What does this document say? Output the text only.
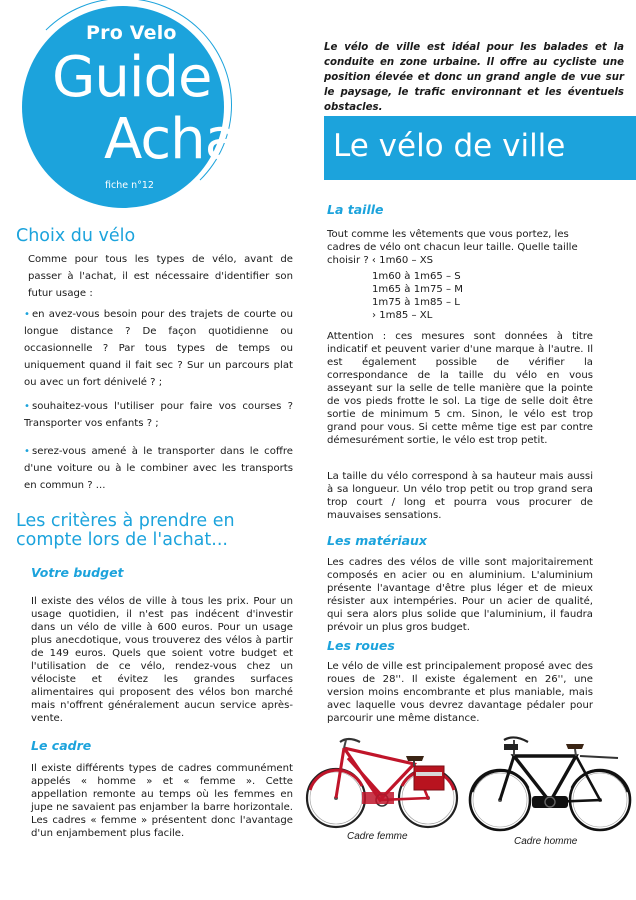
Pro Velo
Guide
Achat
fiche n°12
Le vélo de ville est idéal pour les balades et la conduite en zone urbaine. Il offre au cycliste une position élevée et donc un grand angle de vue sur le paysage, le trafic environnant et les éventuels obstacles.
Le vélo de ville
Choix du vélo
Comme pour tous les types de vélo, avant de passer à l'achat, il est nécessaire d'identifier son futur usage :
• en avez-vous besoin pour des trajets de courte ou longue distance ? De façon quotidienne ou occasionnelle ? Par tous types de temps ou uniquement quand il fait sec ? Sur un parcours plat ou avec un fort dénivelé ? ;
• souhaitez-vous l'utiliser pour faire vos courses ? Transporter vos enfants ? ;
• serez-vous amené à le transporter dans le coffre d'une voiture ou à le combiner avec les transports en commun ? ...
Les critères à prendre en
compte lors de l'achat...
Votre budget
Il existe des vélos de ville à tous les prix. Pour un usage quotidien, il n'est pas indécent d'investir dans un vélo de ville à 600 euros. Pour un usage plus anecdotique, vous trouverez des vélos à partir de 149 euros. Quels que soient votre budget et l'utilisation de ce vélo, rendez-vous chez un vélociste et évitez les grandes surfaces alimentaires qui proposent des vélos bon marché mais n'offrent généralement aucun service après-vente.
Le cadre
Il existe différents types de cadres communément appelés « homme » et « femme ». Cette appellation remonte au temps où les femmes en jupe ne savaient pas enjamber la barre horizontale. Les cadres « femme » présentent donc l'avantage d'un enjambement plus facile.
La taille
Tout comme les vêtements que vous portez, les cadres de vélo ont chacun leur taille. Quelle taille choisir ? ‹ 1m60 – XS
1m60 à 1m65 – S
1m65 à 1m75 – M
1m75 à 1m85 – L
› 1m85 – XL
Attention : ces mesures sont données à titre indicatif et peuvent varier d'une marque à l'autre. Il est également possible de vérifier la correspondance de la taille du vélo en vous asseyant sur la selle de telle manière que la pointe de vos pieds frotte le sol. La tige de selle doit être sortie de minimum 5 cm. Sinon, le vélo est trop grand pour vous. Si cette même tige est par contre démesurément sortie, le vélo est trop petit.
La taille du vélo correspond à sa hauteur mais aussi à sa longueur. Un vélo trop petit ou trop grand sera trop court / long et pourra vous procurer de mauvaises sensations.
Les matériaux
Les cadres des vélos de ville sont majoritairement composés en acier ou en aluminium. L'aluminium présente l'avantage d'être plus léger et de mieux résister aux intempéries. Pour un acier de qualité, qui sera alors plus solide que l'aluminium, il faudra prévoir un plus gros budget.
Les roues
Le vélo de ville est principalement proposé avec des roues de 28''. Il existe également en 26'', une version moins encombrante et plus maniable, mais avec laquelle vous devrez davantage pédaler pour parcourir une même distance.
Cadre femme	Cadre homme
